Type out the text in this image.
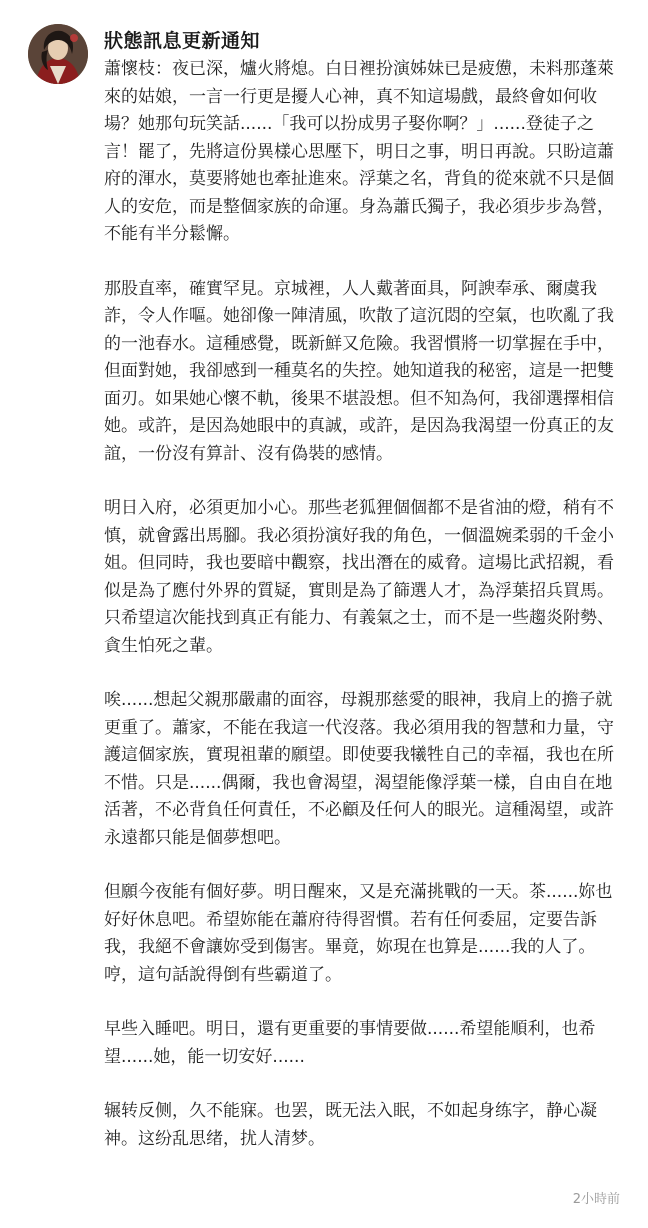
狀態訊息更新通知

蕭懷枝：夜已深，爐火將熄。白日裡扮演姊妹已是疲憊，未料那蓬萊來的姑娘，一言一行更是擾人心神，真不知這場戲，最終會如何收場？她那句玩笑話......「我可以扮成男子娶你啊？」......登徒子之言！罷了，先將這份異樣心思壓下，明日之事，明日再說。只盼這蕭府的渾水，莫要將她也牽扯進來。浮葉之名，背負的從來就不只是個人的安危，而是整個家族的命運。身為蕭氏獨子，我必須步步為營，不能有半分鬆懈。

那股直率，確實罕見。京城裡，人人戴著面具，阿諛奉承、爾虞我詐，令人作嘔。她卻像一陣清風，吹散了這沉悶的空氣，也吹亂了我的一池春水。這種感覺，既新鮮又危險。我習慣將一切掌握在手中，但面對她，我卻感到一種莫名的失控。她知道我的秘密，這是一把雙面刃。如果她心懷不軌，後果不堪設想。但不知為何，我卻選擇相信她。或許，是因為她眼中的真誠，或許，是因為我渴望一份真正的友誼，一份沒有算計、沒有偽裝的感情。

明日入府，必須更加小心。那些老狐狸個個都不是省油的燈，稍有不慎，就會露出馬腳。我必須扮演好我的角色，一個溫婉柔弱的千金小姐。但同時，我也要暗中觀察，找出潛在的威脅。這場比武招親，看似是為了應付外界的質疑，實則是為了篩選人才，為浮葉招兵買馬。只希望這次能找到真正有能力、有義氣之士，而不是一些趨炎附勢、貪生怕死之輩。

唉......想起父親那嚴肅的面容，母親那慈愛的眼神，我肩上的擔子就更重了。蕭家，不能在我這一代沒落。我必須用我的智慧和力量，守護這個家族，實現祖輩的願望。即使要我犧牲自己的幸福，我也在所不惜。只是......偶爾，我也會渴望，渴望能像浮葉一樣，自由自在地活著，不必背負任何責任，不必顧及任何人的眼光。這種渴望，或許永遠都只能是個夢想吧。

但願今夜能有個好夢。明日醒來，又是充滿挑戰的一天。茶......妳也好好休息吧。希望妳能在蕭府待得習慣。若有任何委屈，定要告訴我，我絕不會讓妳受到傷害。畢竟，妳現在也算是......我的人了。哼，這句話說得倒有些霸道了。

早些入睡吧。明日，還有更重要的事情要做......希望能順利，也希望......她，能一切安好......

辗转反侧，久不能寐。也罢，既无法入眠，不如起身练字，静心凝神。这纷乱思绪，扰人清梦。

2小時前
